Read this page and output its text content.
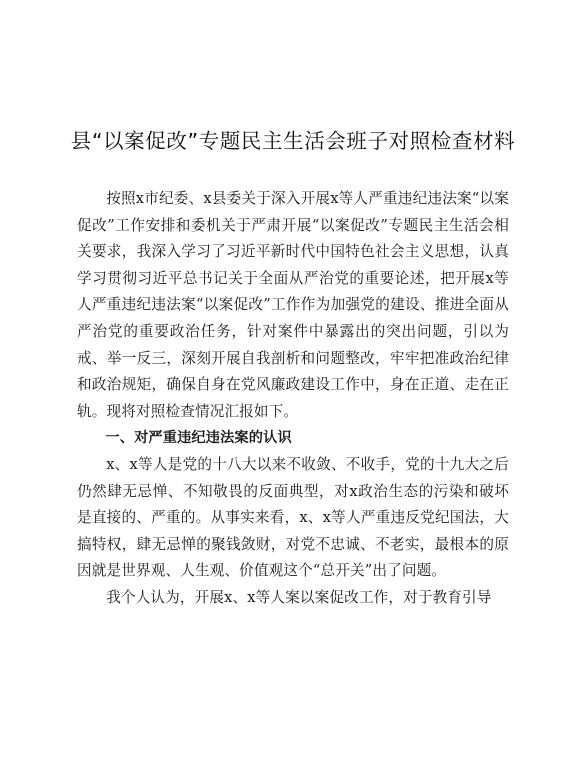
县“以案促改”专题民主生活会班子对照检查材料

按照x市纪委、x县委关于深入开展x等人严重违纪违法案“以案促改”工作安排和委机关于严肃开展“以案促改”专题民主生活会相关要求，我深入学习了习近平新时代中国特色社会主义思想，认真学习贯彻习近平总书记关于全面从严治党的重要论述，把开展x等人严重违纪违法案“以案促改”工作作为加强党的建设、推进全面从严治党的重要政治任务，针对案件中暴露出的突出问题，引以为戒、举一反三，深刻开展自我剖析和问题整改，牢牢把准政治纪律和政治规矩，确保自身在党风廉政建设工作中，身在正道、走在正轨。现将对照检查情况汇报如下。

一、对严重违纪违法案的认识

x、x等人是党的十八大以来不收敛、不收手，党的十九大之后仍然肆无忌惮、不知敬畏的反面典型，对x政治生态的污染和破坏是直接的、严重的。从事实来看，x、x等人严重违反党纪国法，大搞特权，肆无忌惮的聚钱敛财，对党不忠诚、不老实，最根本的原因就是世界观、人生观、价值观这个“总开关”出了问题。

我个人认为，开展x、x等人案以案促改工作，对于教育引导
